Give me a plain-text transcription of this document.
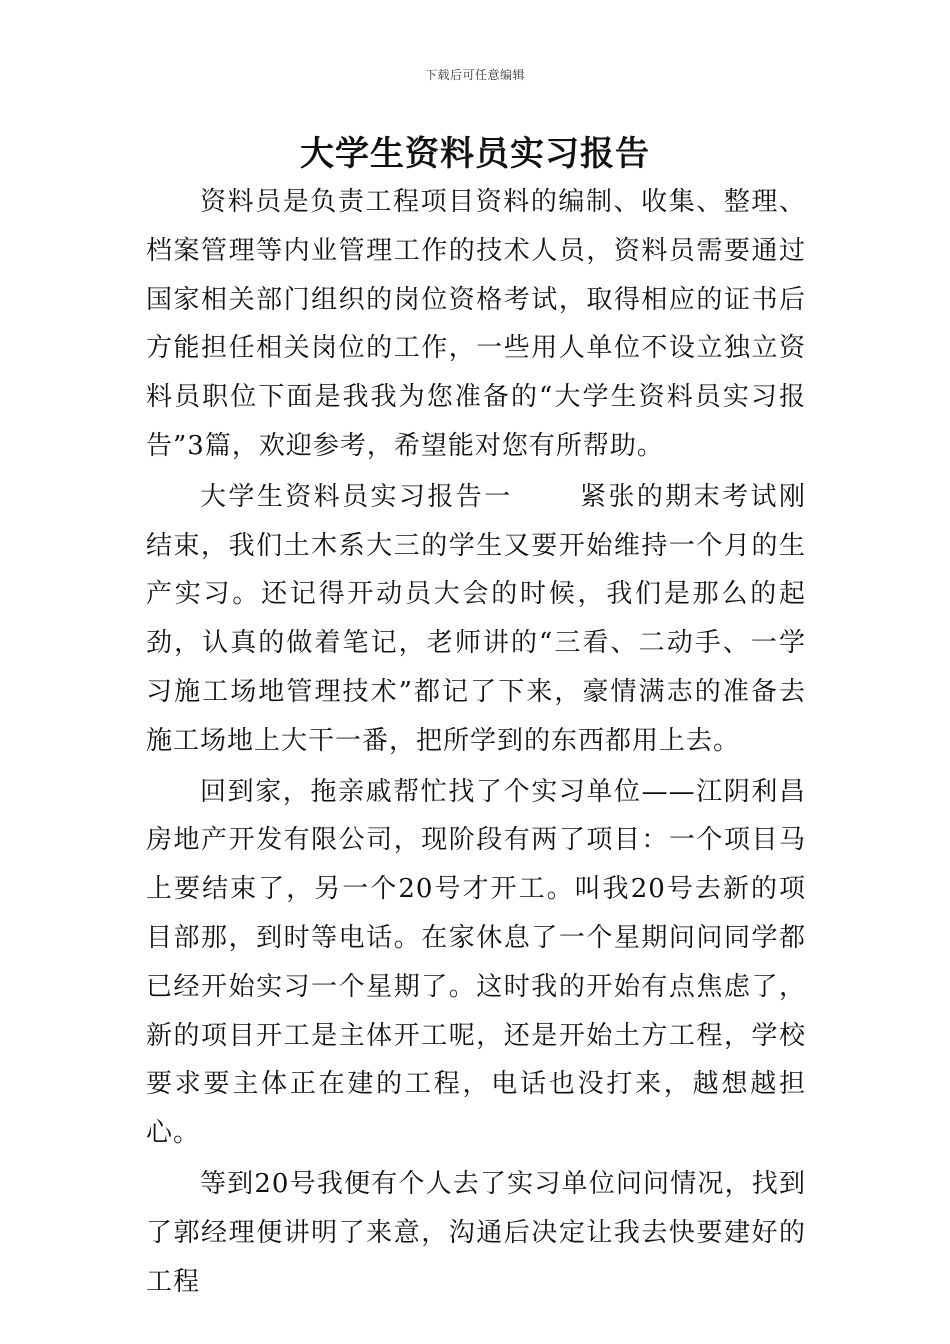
下载后可任意编辑
大学生资料员实习报告

资料员是负责工程项目资料的编制、收集、整理、档案管理等内业管理工作的技术人员，资料员需要通过国家相关部门组织的岗位资格考试，取得相应的证书后方能担任相关岗位的工作，一些用人单位不设立独立资料员职位下面是我我为您准备的“大学生资料员实习报告”3篇，欢迎参考，希望能对您有所帮助。

大学生资料员实习报告一	紧张的期末考试刚结束，我们土木系大三的学生又要开始维持一个月的生产实习。还记得开动员大会的时候，我们是那么的起劲，认真的做着笔记，老师讲的“三看、二动手、一学习施工场地管理技术”都记了下来，豪情满志的准备去施工场地上大干一番，把所学到的东西都用上去。

回到家，拖亲戚帮忙找了个实习单位——江阴利昌房地产开发有限公司，现阶段有两了项目：一个项目马上要结束了，另一个20号才开工。叫我20号去新的项目部那，到时等电话。在家休息了一个星期问问同学都已经开始实习一个星期了。这时我的开始有点焦虑了，新的项目开工是主体开工呢，还是开始土方工程，学校要求要主体正在建的工程，电话也没打来，越想越担心。

等到20号我便有个人去了实习单位问问情况，找到了郭经理便讲明了来意，沟通后决定让我去快要建好的工程
